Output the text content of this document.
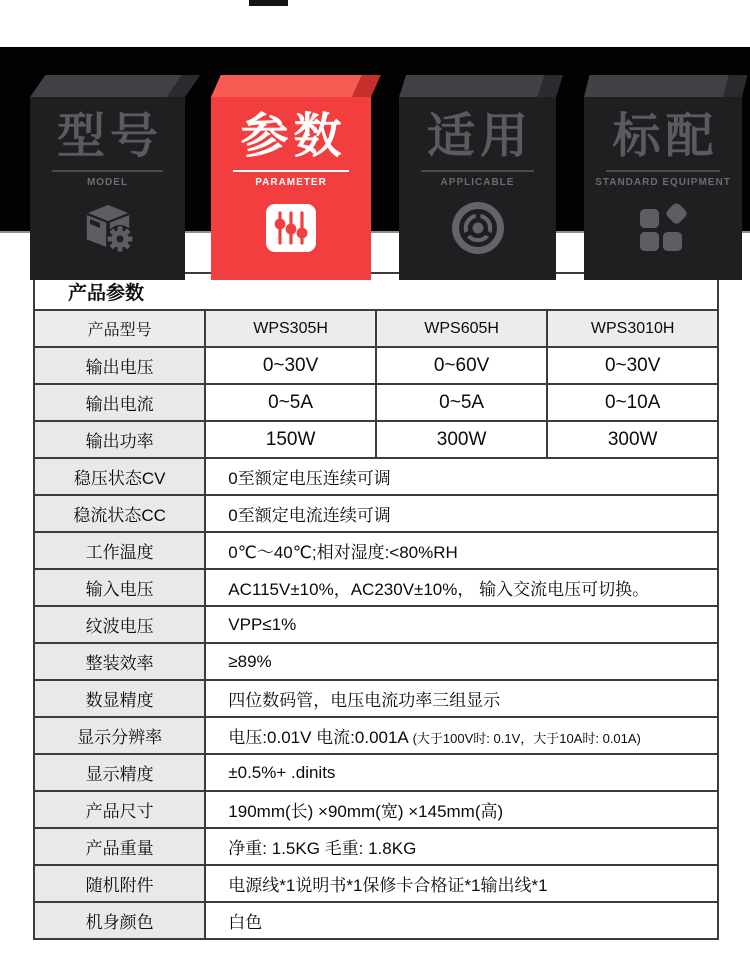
型号
MODEL
参数
PARAMETER
适用
APPLICABLE
标配
STANDARD EQUIPMENT
产品参数			
产品型号	WPS305H	WPS605H	WPS3010H
输出电压	0~30V	0~60V	0~30V
输出电流	0~5A	0~5A	0~10A
输出功率	150W	300W	300W
稳压状态CV	0至额定电压连续可调		
稳流状态CC	0至额定电流连续可调		
工作温度	0℃～40℃;相对湿度:<80%RH		
输入电压	AC115V±10%，AC230V±10%， 输入交流电压可切换。		
纹波电压	VPP≤1%		
整装效率	≥89%		
数显精度	四位数码管，电压电流功率三组显示		
显示分辨率	电压:0.01V 电流:0.001A (大于100V时: 0.1V，大于10A时: 0.01A)		
显示精度	±0.5%+ .dinits		
产品尺寸	190mm(长) ×90mm(宽) ×145mm(高)		
产品重量	净重: 1.5KG 毛重: 1.8KG		
随机附件	电源线*1说明书*1保修卡合格证*1输出线*1		
机身颜色	白色		
